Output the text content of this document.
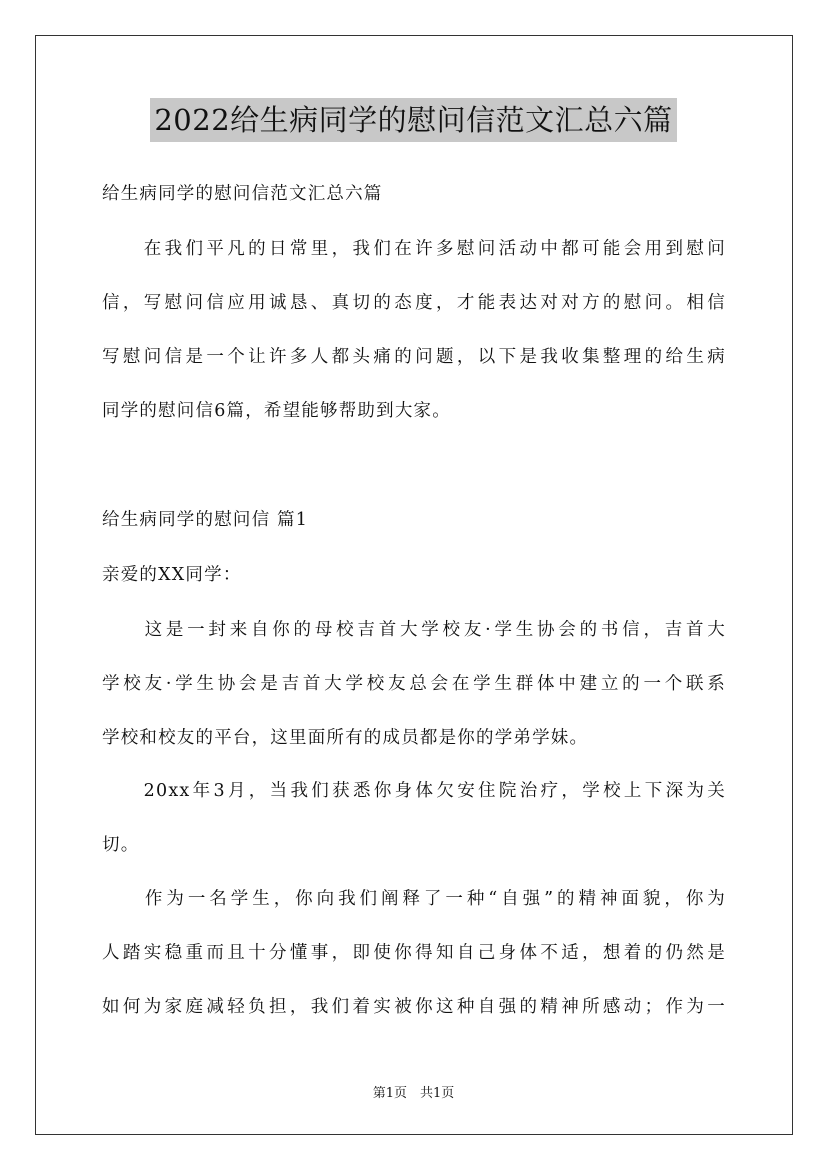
2022给生病同学的慰问信范文汇总六篇
给生病同学的慰问信范文汇总六篇
　　在我们平凡的日常里，我们在许多慰问活动中都可能会用到慰问
信，写慰问信应用诚恳、真切的态度，才能表达对对方的慰问。相信
写慰问信是一个让许多人都头痛的问题，以下是我收集整理的给生病
同学的慰问信6篇，希望能够帮助到大家。
给生病同学的慰问信 篇1
亲爱的XX同学：
　　这是一封来自你的母校吉首大学校友·学生协会的书信，吉首大
学校友·学生协会是吉首大学校友总会在学生群体中建立的一个联系
学校和校友的平台，这里面所有的成员都是你的学弟学妹。
　　20xx年3月，当我们获悉你身体欠安住院治疗，学校上下深为关
切。
　　作为一名学生，你向我们阐释了一种“自强”的精神面貌，你为
人踏实稳重而且十分懂事，即使你得知自己身体不适，想着的仍然是
如何为家庭减轻负担，我们着实被你这种自强的精神所感动；作为一
第1页　共1页
